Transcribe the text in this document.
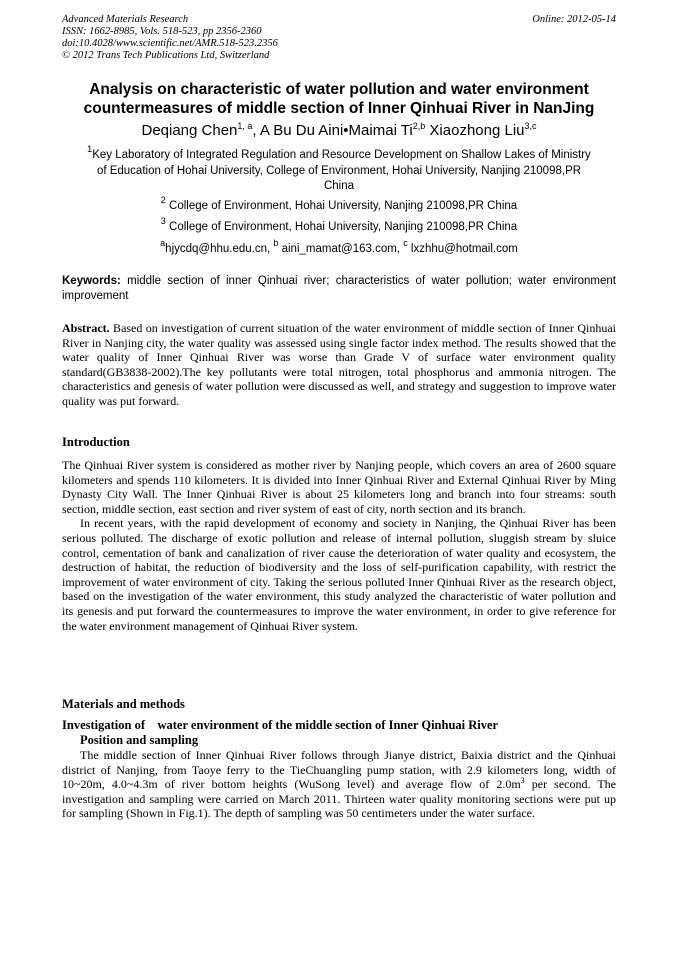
Advanced Materials Research	Online: 2012-05-14
ISSN: 1662-8985, Vols. 518-523, pp 2356-2360
doi:10.4028/www.scientific.net/AMR.518-523.2356
© 2012 Trans Tech Publications Ltd, Switzerland
Analysis on characteristic of water pollution and water environment
countermeasures of middle section of Inner Qinhuai River in NanJing
Deqiang Chen$^{1, a}$, A Bu Du Aini•Maimai Ti$^{2,b}$ Xiaozhong Liu$^{3,c}$
$^1$Key Laboratory of Integrated Regulation and Resource Development on Shallow Lakes of Ministry
of Education of Hohai University, College of Environment, Hohai University, Nanjing 210098,PR
China
$^2$ College of Environment, Hohai University, Nanjing 210098,PR China
$^3$ College of Environment, Hohai University, Nanjing 210098,PR China
$^a$hjycdq@hhu.edu.cn, $^b$ aini_mamat@163.com, $^c$ lxzhhu@hotmail.com
Keywords: middle section of inner Qinhuai river; characteristics of water pollution; water environment improvement
Abstract. Based on investigation of current situation of the water environment of middle section of Inner Qinhuai River in Nanjing city, the water quality was assessed using single factor index method. The results showed that the water quality of Inner Qinhuai River was worse than Grade V of surface water environment quality standard(GB3838-2002).The key pollutants were total nitrogen, total phosphorus and ammonia nitrogen. The characteristics and genesis of water pollution were discussed as well, and strategy and suggestion to improve water quality was put forward.
Introduction

The Qinhuai River system is considered as mother river by Nanjing people, which covers an area of 2600 square kilometers and spends 110 kilometers. It is divided into Inner Qinhuai River and External Qinhuai River by Ming Dynasty City Wall. The Inner Qinhuai River is about 25 kilometers long and branch into four streams: south section, middle section, east section and river system of east of city, north section and its branch.

In recent years, with the rapid development of economy and society in Nanjing, the Qinhuai River has been serious polluted. The discharge of exotic pollution and release of internal pollution, sluggish stream by sluice control, cementation of bank and canalization of river cause the deterioration of water quality and ecosystem, the destruction of habitat, the reduction of biodiversity and the loss of self-purification capability, with restrict the improvement of water environment of city. Taking the serious polluted Inner Qinhuai River as the research object, based on the investigation of the water environment, this study analyzed the characteristic of water pollution and its genesis and put forward the countermeasures to improve the water environment, in order to give reference for the water environment management of Qinhuai River system.

Materials and methods
Investigation of    water environment of the middle section of Inner Qinhuai River
Position and sampling

The middle section of Inner Qinhuai River follows through Jianye district, Baixia district and the Qinhuai district of Nanjing, from Taoye ferry to the TieChuangling pump station, with 2.9 kilometers long, width of 10~20m, 4.0~4.3m of river bottom heights (WuSong level) and average flow of $2.0m^3$ per second. The investigation and sampling were carried on March 2011. Thirteen water quality monitoring sections were put up for sampling (Shown in Fig.1). The depth of sampling was 50 centimeters under the water surface.
